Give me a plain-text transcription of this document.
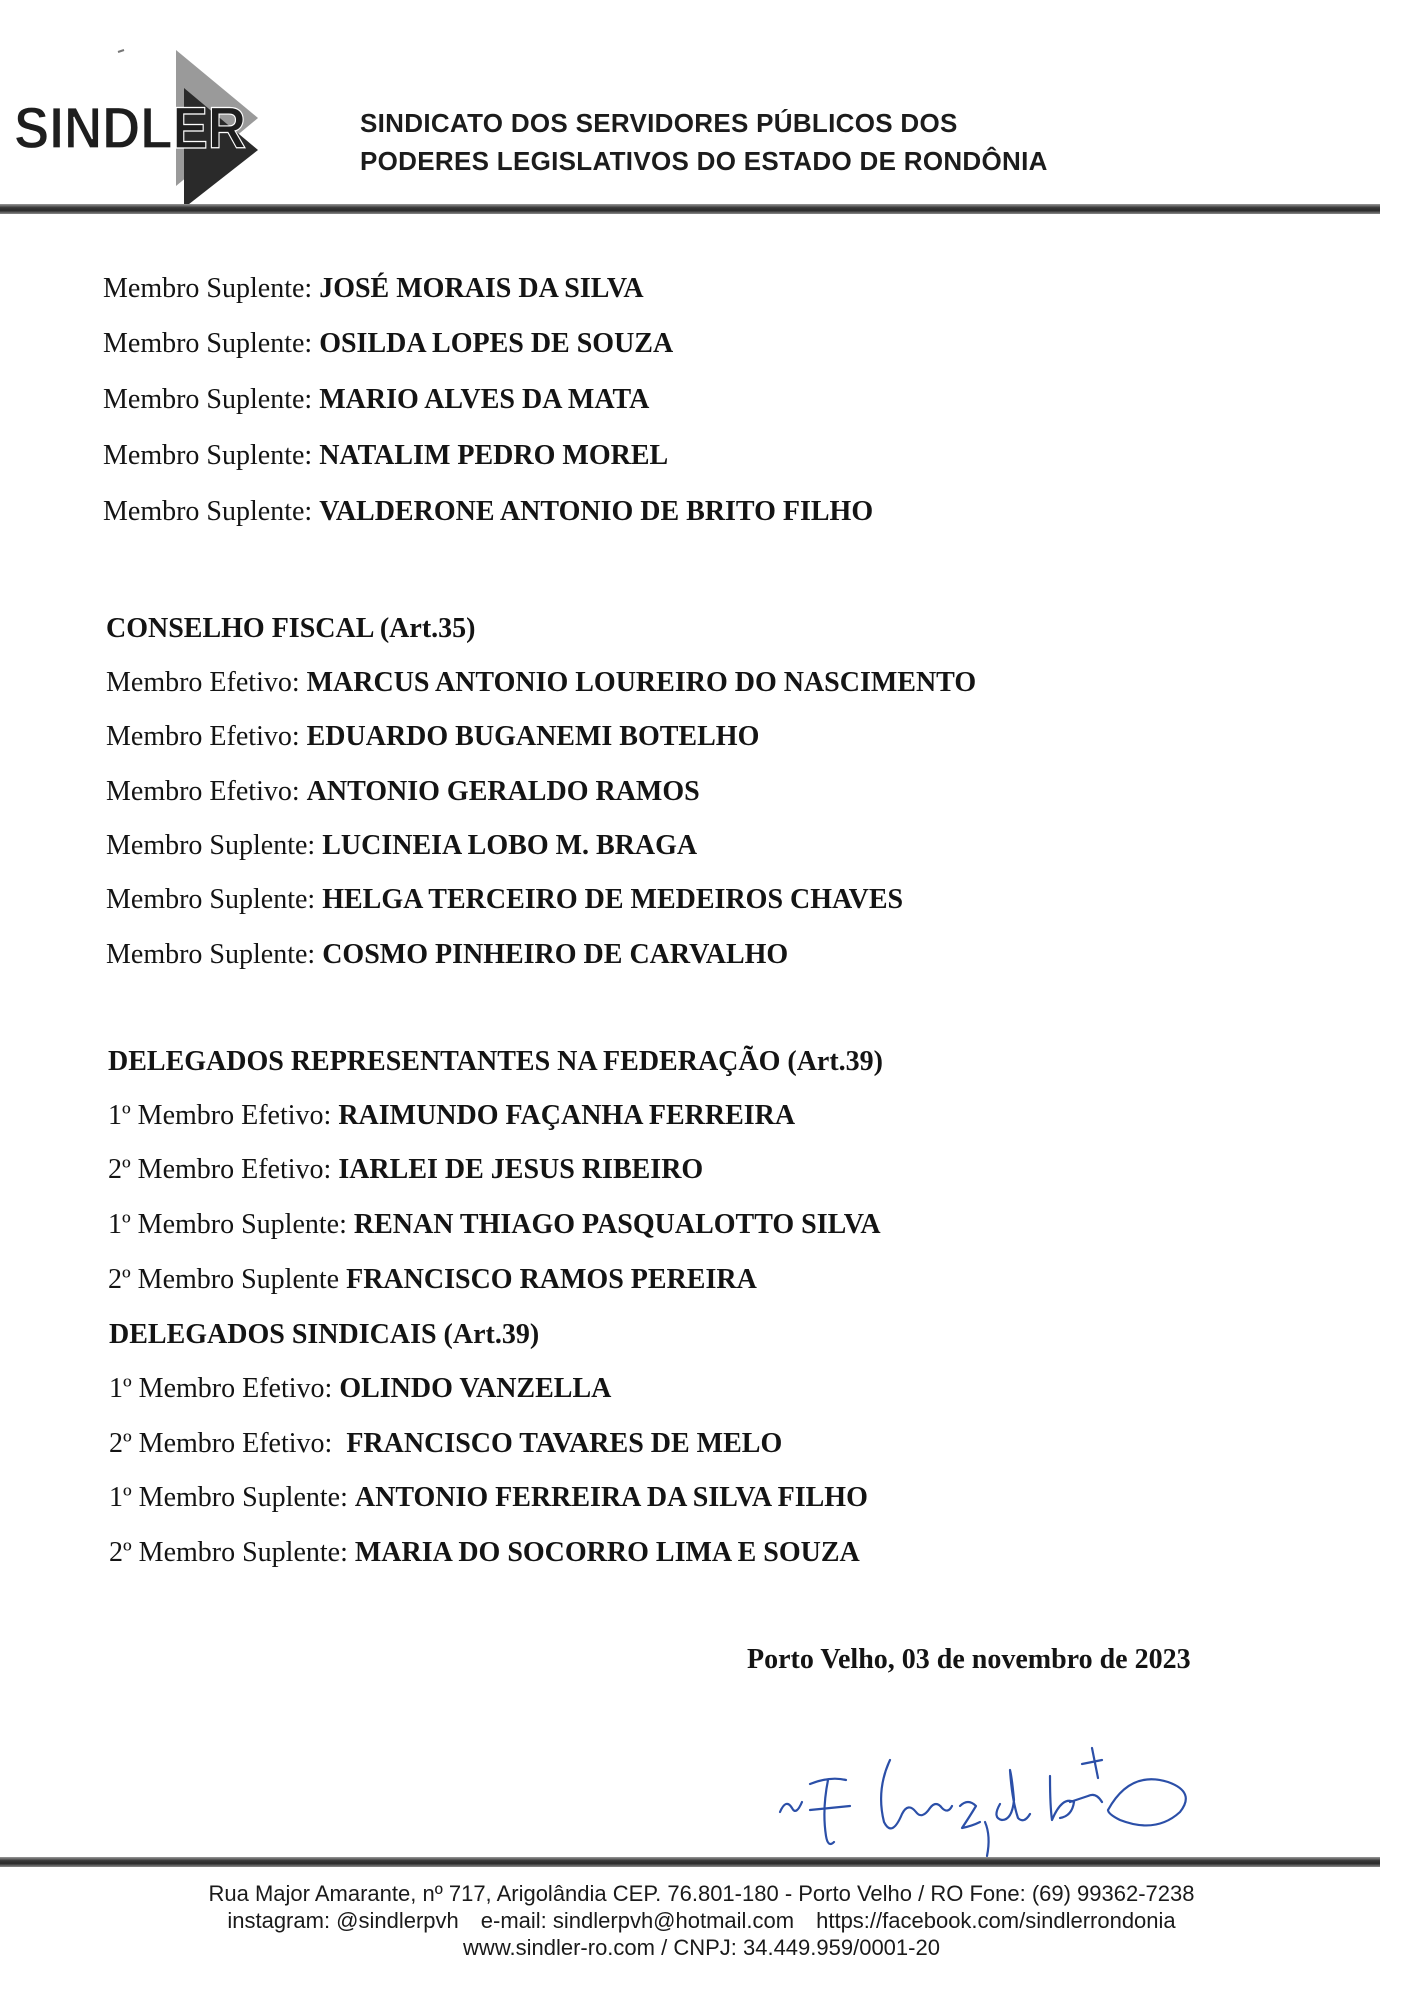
SINDLER	SINDICATO DOS SERVIDORES PÚBLICOS DOS
PODERES LEGISLATIVOS DO ESTADO DE RONDÔNIA
Membro Suplente: JOSÉ MORAIS DA SILVA
Membro Suplente: OSILDA LOPES DE SOUZA
Membro Suplente: MARIO ALVES DA MATA
Membro Suplente: NATALIM PEDRO MOREL
Membro Suplente: VALDERONE ANTONIO DE BRITO FILHO
CONSELHO FISCAL (Art.35)
Membro Efetivo: MARCUS ANTONIO LOUREIRO DO NASCIMENTO
Membro Efetivo: EDUARDO BUGANEMI BOTELHO
Membro Efetivo: ANTONIO GERALDO RAMOS
Membro Suplente: LUCINEIA LOBO M. BRAGA
Membro Suplente: HELGA TERCEIRO DE MEDEIROS CHAVES
Membro Suplente: COSMO PINHEIRO DE CARVALHO
DELEGADOS REPRESENTANTES NA FEDERAÇÃO (Art.39)
1º Membro Efetivo: RAIMUNDO FAÇANHA FERREIRA
2º Membro Efetivo: IARLEI DE JESUS RIBEIRO
1º Membro Suplente: RENAN THIAGO PASQUALOTTO SILVA
2º Membro Suplente FRANCISCO RAMOS PEREIRA
DELEGADOS SINDICAIS (Art.39)
1º Membro Efetivo: OLINDO VANZELLA
2º Membro Efetivo:  FRANCISCO TAVARES DE MELO
1º Membro Suplente: ANTONIO FERREIRA DA SILVA FILHO
2º Membro Suplente: MARIA DO SOCORRO LIMA E SOUZA
Porto Velho, 03 de novembro de 2023
Rua Major Amarante, nº 717, Arigolândia CEP. 76.801-180 - Porto Velho / RO Fone: (69) 99362-7238
instagram: @sindlerpvh e-mail: sindlerpvh@hotmail.com https://facebook.com/sindlerrondonia
www.sindler-ro.com / CNPJ: 34.449.959/0001-20
